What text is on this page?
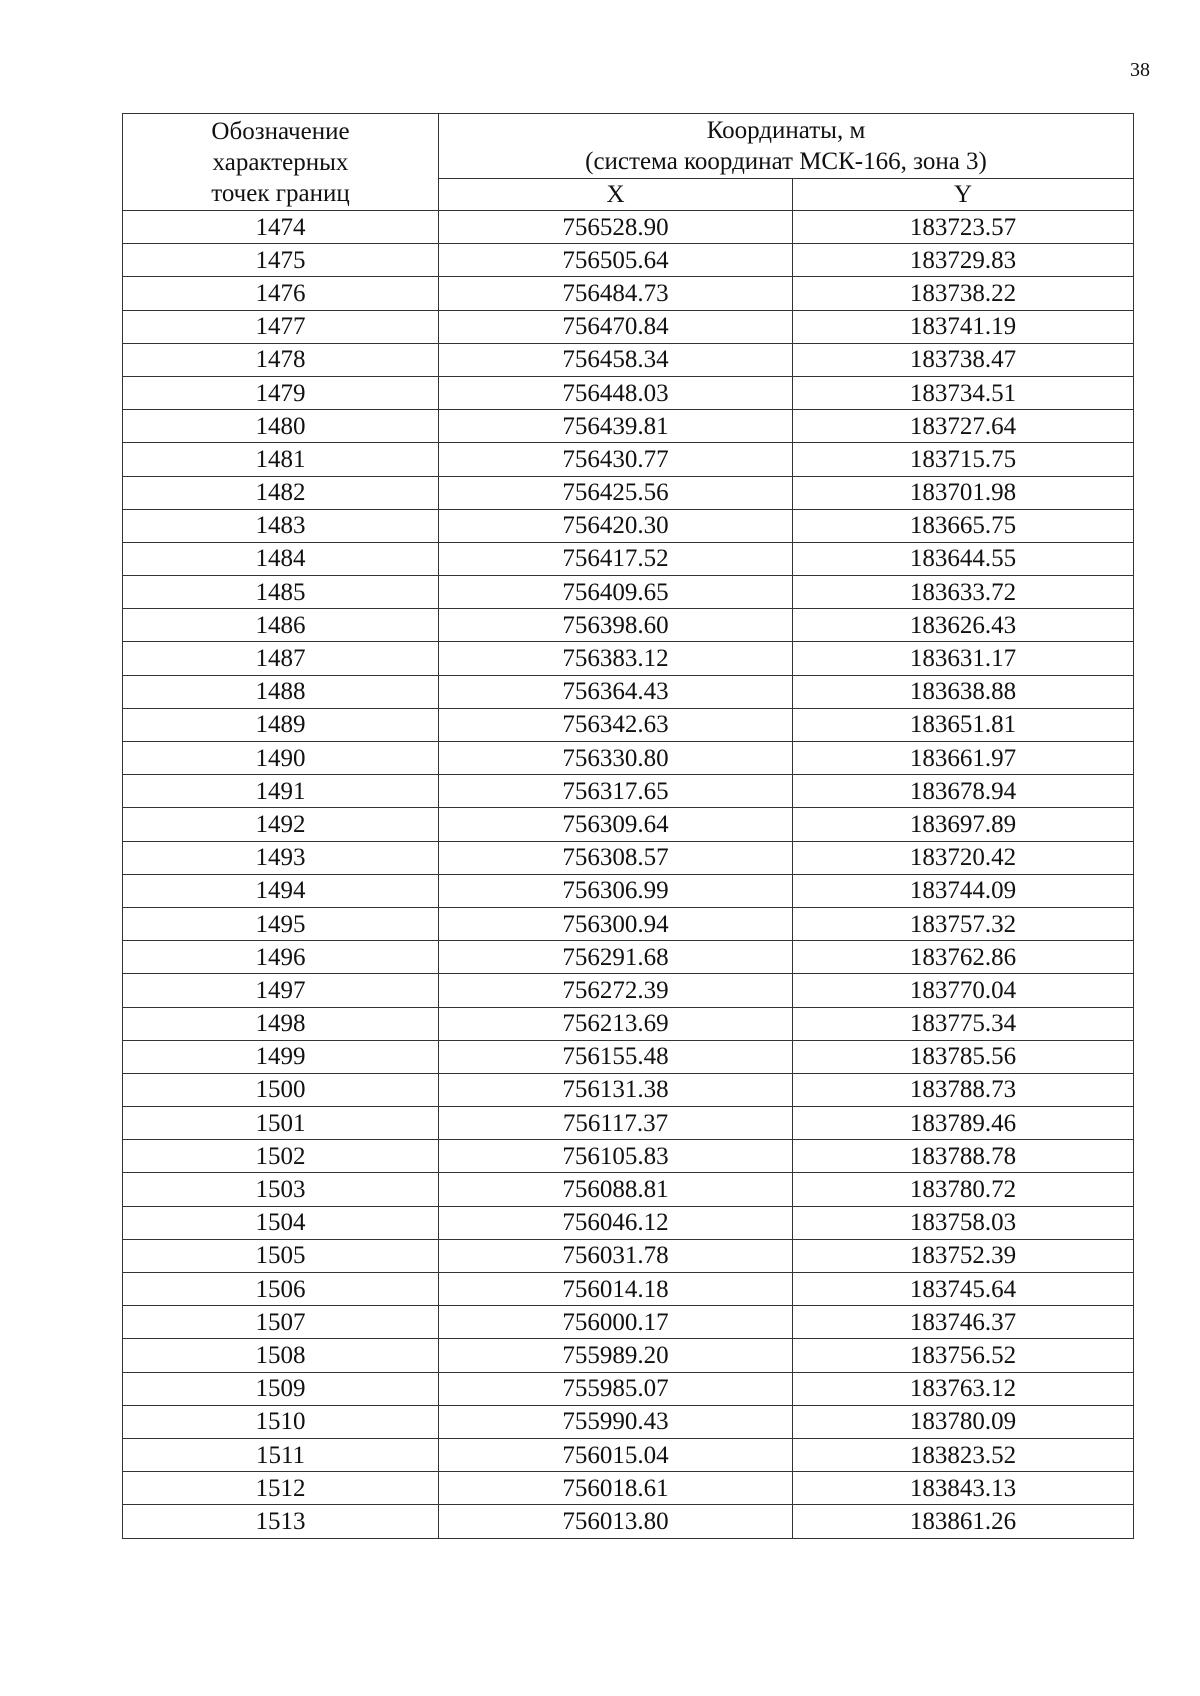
38
Обозначение
характерных
точек границ	Координаты, м
(система координат МСК-166, зона 3)	

	X	Y
1474	756528.90	183723.57
1475	756505.64	183729.83
1476	756484.73	183738.22
1477	756470.84	183741.19
1478	756458.34	183738.47
1479	756448.03	183734.51
1480	756439.81	183727.64
1481	756430.77	183715.75
1482	756425.56	183701.98
1483	756420.30	183665.75
1484	756417.52	183644.55
1485	756409.65	183633.72
1486	756398.60	183626.43
1487	756383.12	183631.17
1488	756364.43	183638.88
1489	756342.63	183651.81
1490	756330.80	183661.97
1491	756317.65	183678.94
1492	756309.64	183697.89
1493	756308.57	183720.42
1494	756306.99	183744.09
1495	756300.94	183757.32
1496	756291.68	183762.86
1497	756272.39	183770.04
1498	756213.69	183775.34
1499	756155.48	183785.56
1500	756131.38	183788.73
1501	756117.37	183789.46
1502	756105.83	183788.78
1503	756088.81	183780.72
1504	756046.12	183758.03
1505	756031.78	183752.39
1506	756014.18	183745.64
1507	756000.17	183746.37
1508	755989.20	183756.52
1509	755985.07	183763.12
1510	755990.43	183780.09
1511	756015.04	183823.52
1512	756018.61	183843.13
1513	756013.80	183861.26
